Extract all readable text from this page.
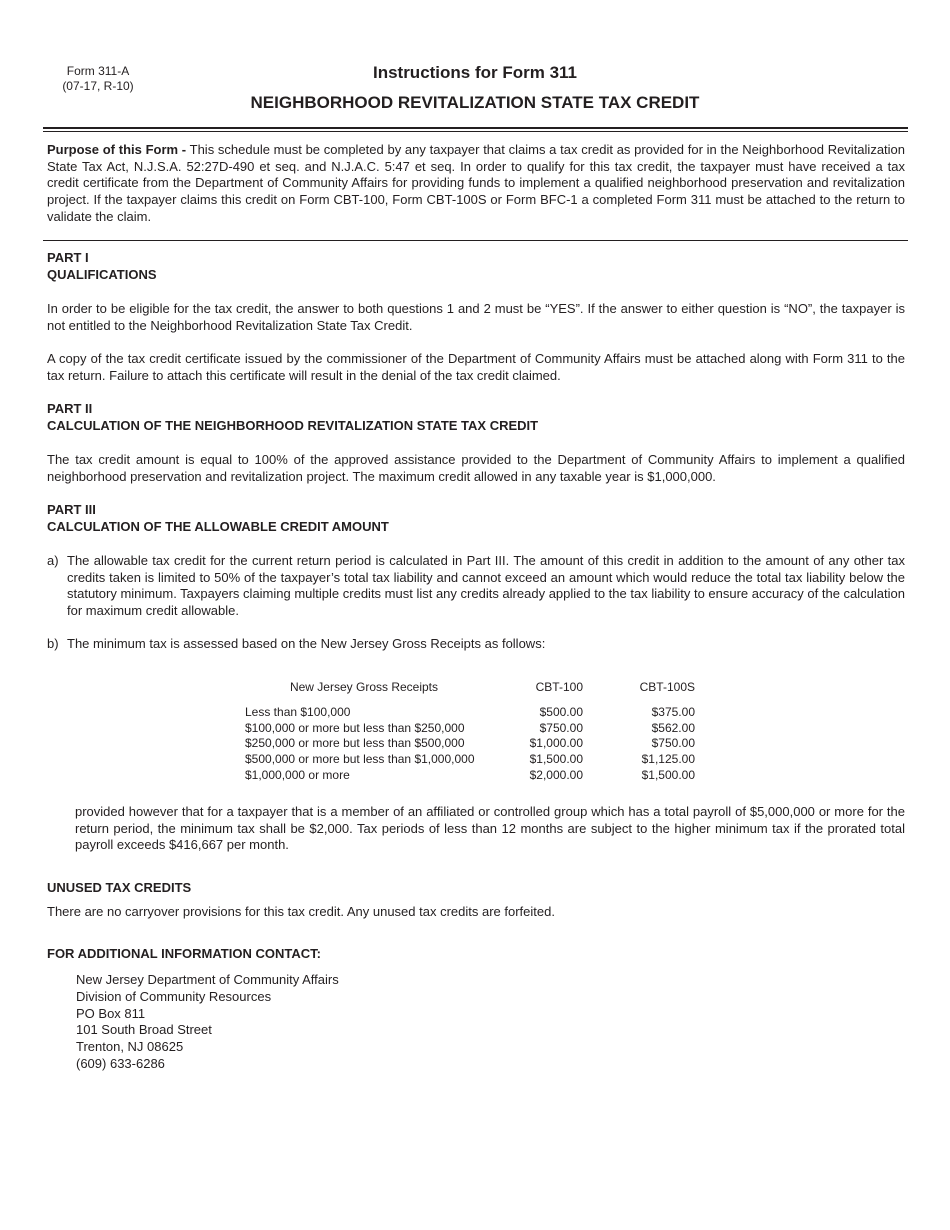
Form 311-A
(07-17, R-10)
Instructions for Form 311
NEIGHBORHOOD REVITALIZATION STATE TAX CREDIT

Purpose of this Form - This schedule must be completed by any taxpayer that claims a tax credit as provided for in the Neighborhood Revitalization State Tax Act, N.J.S.A. 52:27D-490 et seq. and N.J.A.C. 5:47 et seq. In order to qualify for this tax credit, the taxpayer must have received a tax credit certificate from the Department of Community Affairs for providing funds to implement a qualified neighborhood preservation and revitalization project. If the taxpayer claims this credit on Form CBT-100, Form CBT-100S or Form BFC-1 a completed Form 311 must be attached to the return to validate the claim.

PART I

QUALIFICATIONS

In order to be eligible for the tax credit, the answer to both questions 1 and 2 must be “YES”. If the answer to either question is “NO”, the taxpayer is not entitled to the Neighborhood Revitalization State Tax Credit.
A copy of the tax credit certificate issued by the commissioner of the Department of Community Affairs must be attached along with Form 311 to the tax return. Failure to attach this certificate will result in the denial of the tax credit claimed.

PART II

CALCULATION OF THE NEIGHBORHOOD REVITALIZATION STATE TAX CREDIT

The tax credit amount is equal to 100% of the approved assistance provided to the Department of Community Affairs to implement a qualified neighborhood preservation and revitalization project. The maximum credit allowed in any taxable year is $1,000,000.

PART III

CALCULATION OF THE ALLOWABLE CREDIT AMOUNT

a) The allowable tax credit for the current return period is calculated in Part III. The amount of this credit in addition to the amount of any other tax credits taken is limited to 50% of the taxpayer’s total tax liability and cannot exceed an amount which would reduce the total tax liability below the statutory minimum. Taxpayers claiming multiple credits must list any credits already applied to the tax liability to ensure accuracy of the calculation for maximum credit allowable.
b) The minimum tax is assessed based on the New Jersey Gross Receipts as follows:
New Jersey Gross Receipts	CBT-100	CBT-100S
Less than $100,000	$500.00	$375.00
$100,000 or more but less than $250,000	$750.00	$562.00
$250,000 or more but less than $500,000	$1,000.00	$750.00
$500,000 or more but less than $1,000,000	$1,500.00	$1,125.00
$1,000,000 or more	$2,000.00	$1,500.00
provided however that for a taxpayer that is a member of an affiliated or controlled group which has a total payroll of $5,000,000 or more for the return period, the minimum tax shall be $2,000. Tax periods of less than 12 months are subject to the higher minimum tax if the prorated total payroll exceeds $416,667 per month.
UNUSED TAX CREDITS
There are no carryover provisions for this tax credit. Any unused tax credits are forfeited.
FOR ADDITIONAL INFORMATION CONTACT:
New Jersey Department of Community Affairs
Division of Community Resources
PO Box 811
101 South Broad Street
Trenton, NJ 08625
(609) 633-6286
